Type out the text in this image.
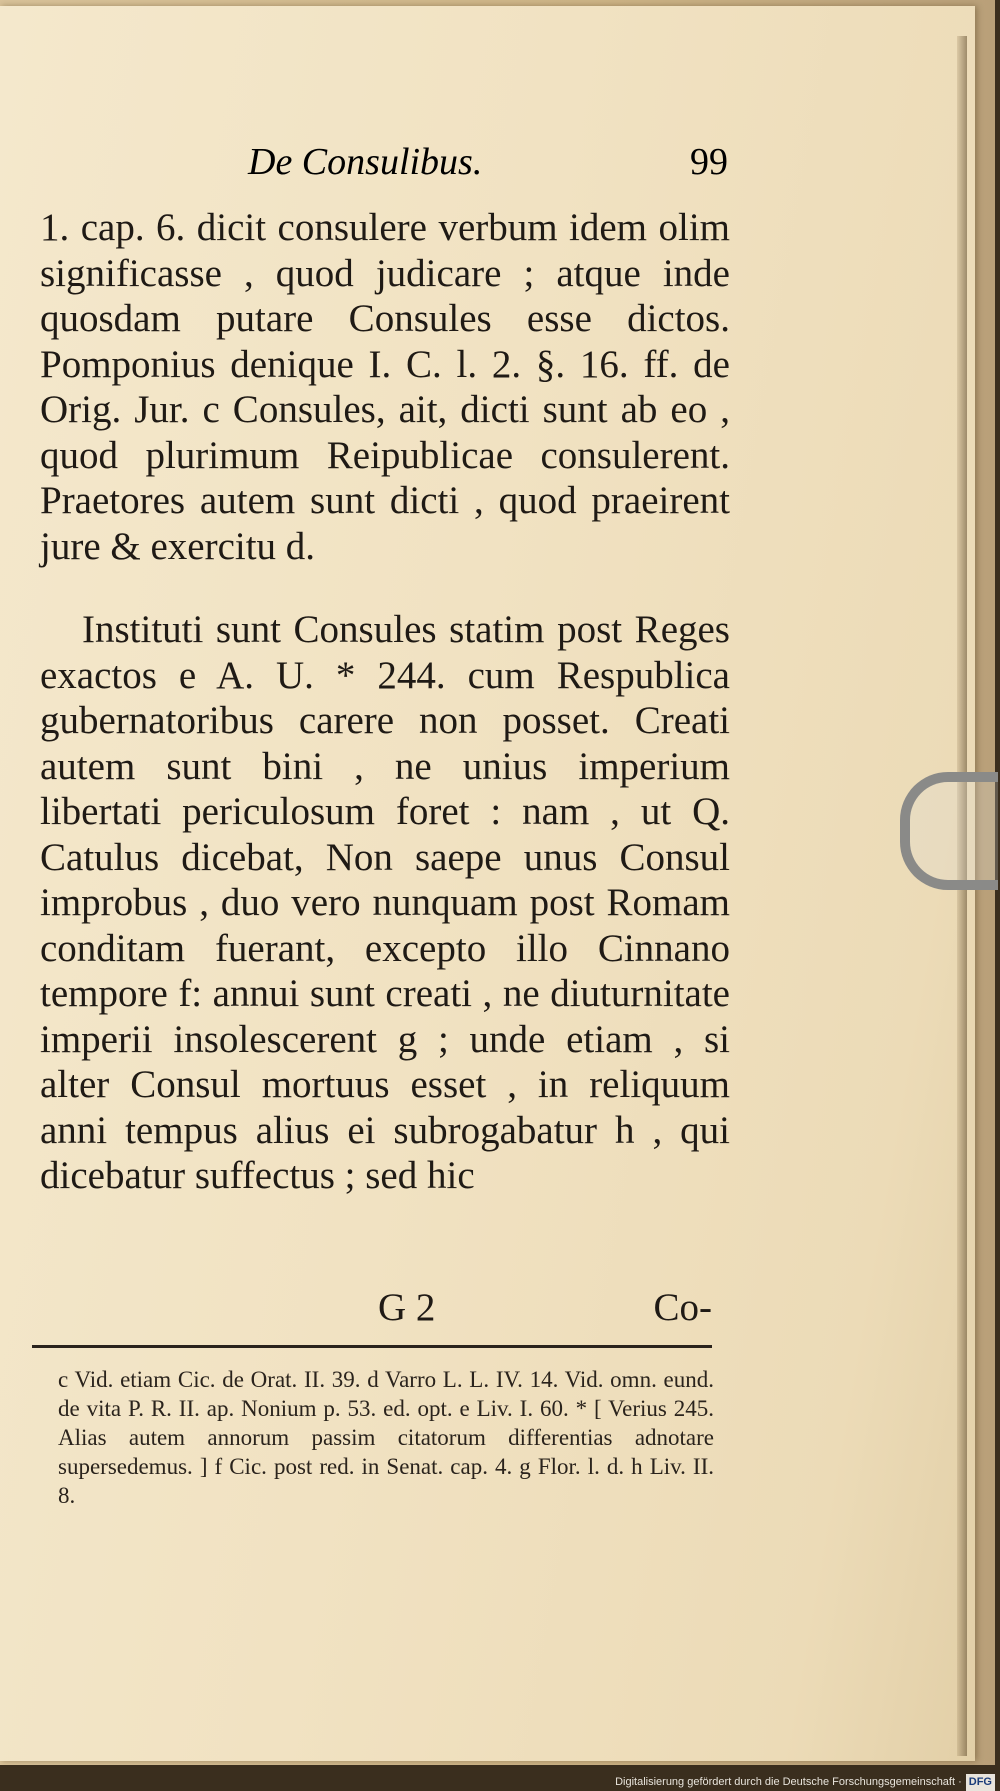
De Consulibus.	99

1. cap. 6. dicit consulere verbum idem olim significasse , quod judicare ; atque inde quosdam putare Consules esse dictos. Pomponius denique I. C. l. 2. §. 16. ff. de Orig. Jur. c Consules, ait, dicti sunt ab eo , quod plurimum Reipublicae consulerent. Praetores autem sunt dicti , quod praeirent jure & exercitu d.

Instituti sunt Consules statim post Reges exactos e A. U. * 244. cum Respublica gubernatoribus carere non posset. Creati autem sunt bini , ne unius imperium libertati periculosum foret : nam , ut Q. Catulus dicebat, Non saepe unus Consul improbus , duo vero nunquam post Romam conditam fuerant, excepto illo Cinnano tempore f: annui sunt creati , ne diuturnitate imperii insolescerent g ; unde etiam , si alter Consul mortuus esset , in reliquum anni tempus alius ei subrogabatur h , qui dicebatur suffectus ; sed hic

G 2	Co-

c Vid. etiam Cic. de Orat. II. 39. d Varro L. L. IV. 14. Vid. omn. eund. de vita P. R. II. ap. Nonium p. 53. ed. opt. e Liv. I. 60. * [ Verius 245. Alias autem annorum passim citatorum differentias adnotare supersedemus. ] f Cic. post red. in Senat. cap. 4. g Flor. l. d. h Liv. II. 8.

Digitalisierung gefördert durch die Deutsche Forschungsgemeinschaft · DFG
